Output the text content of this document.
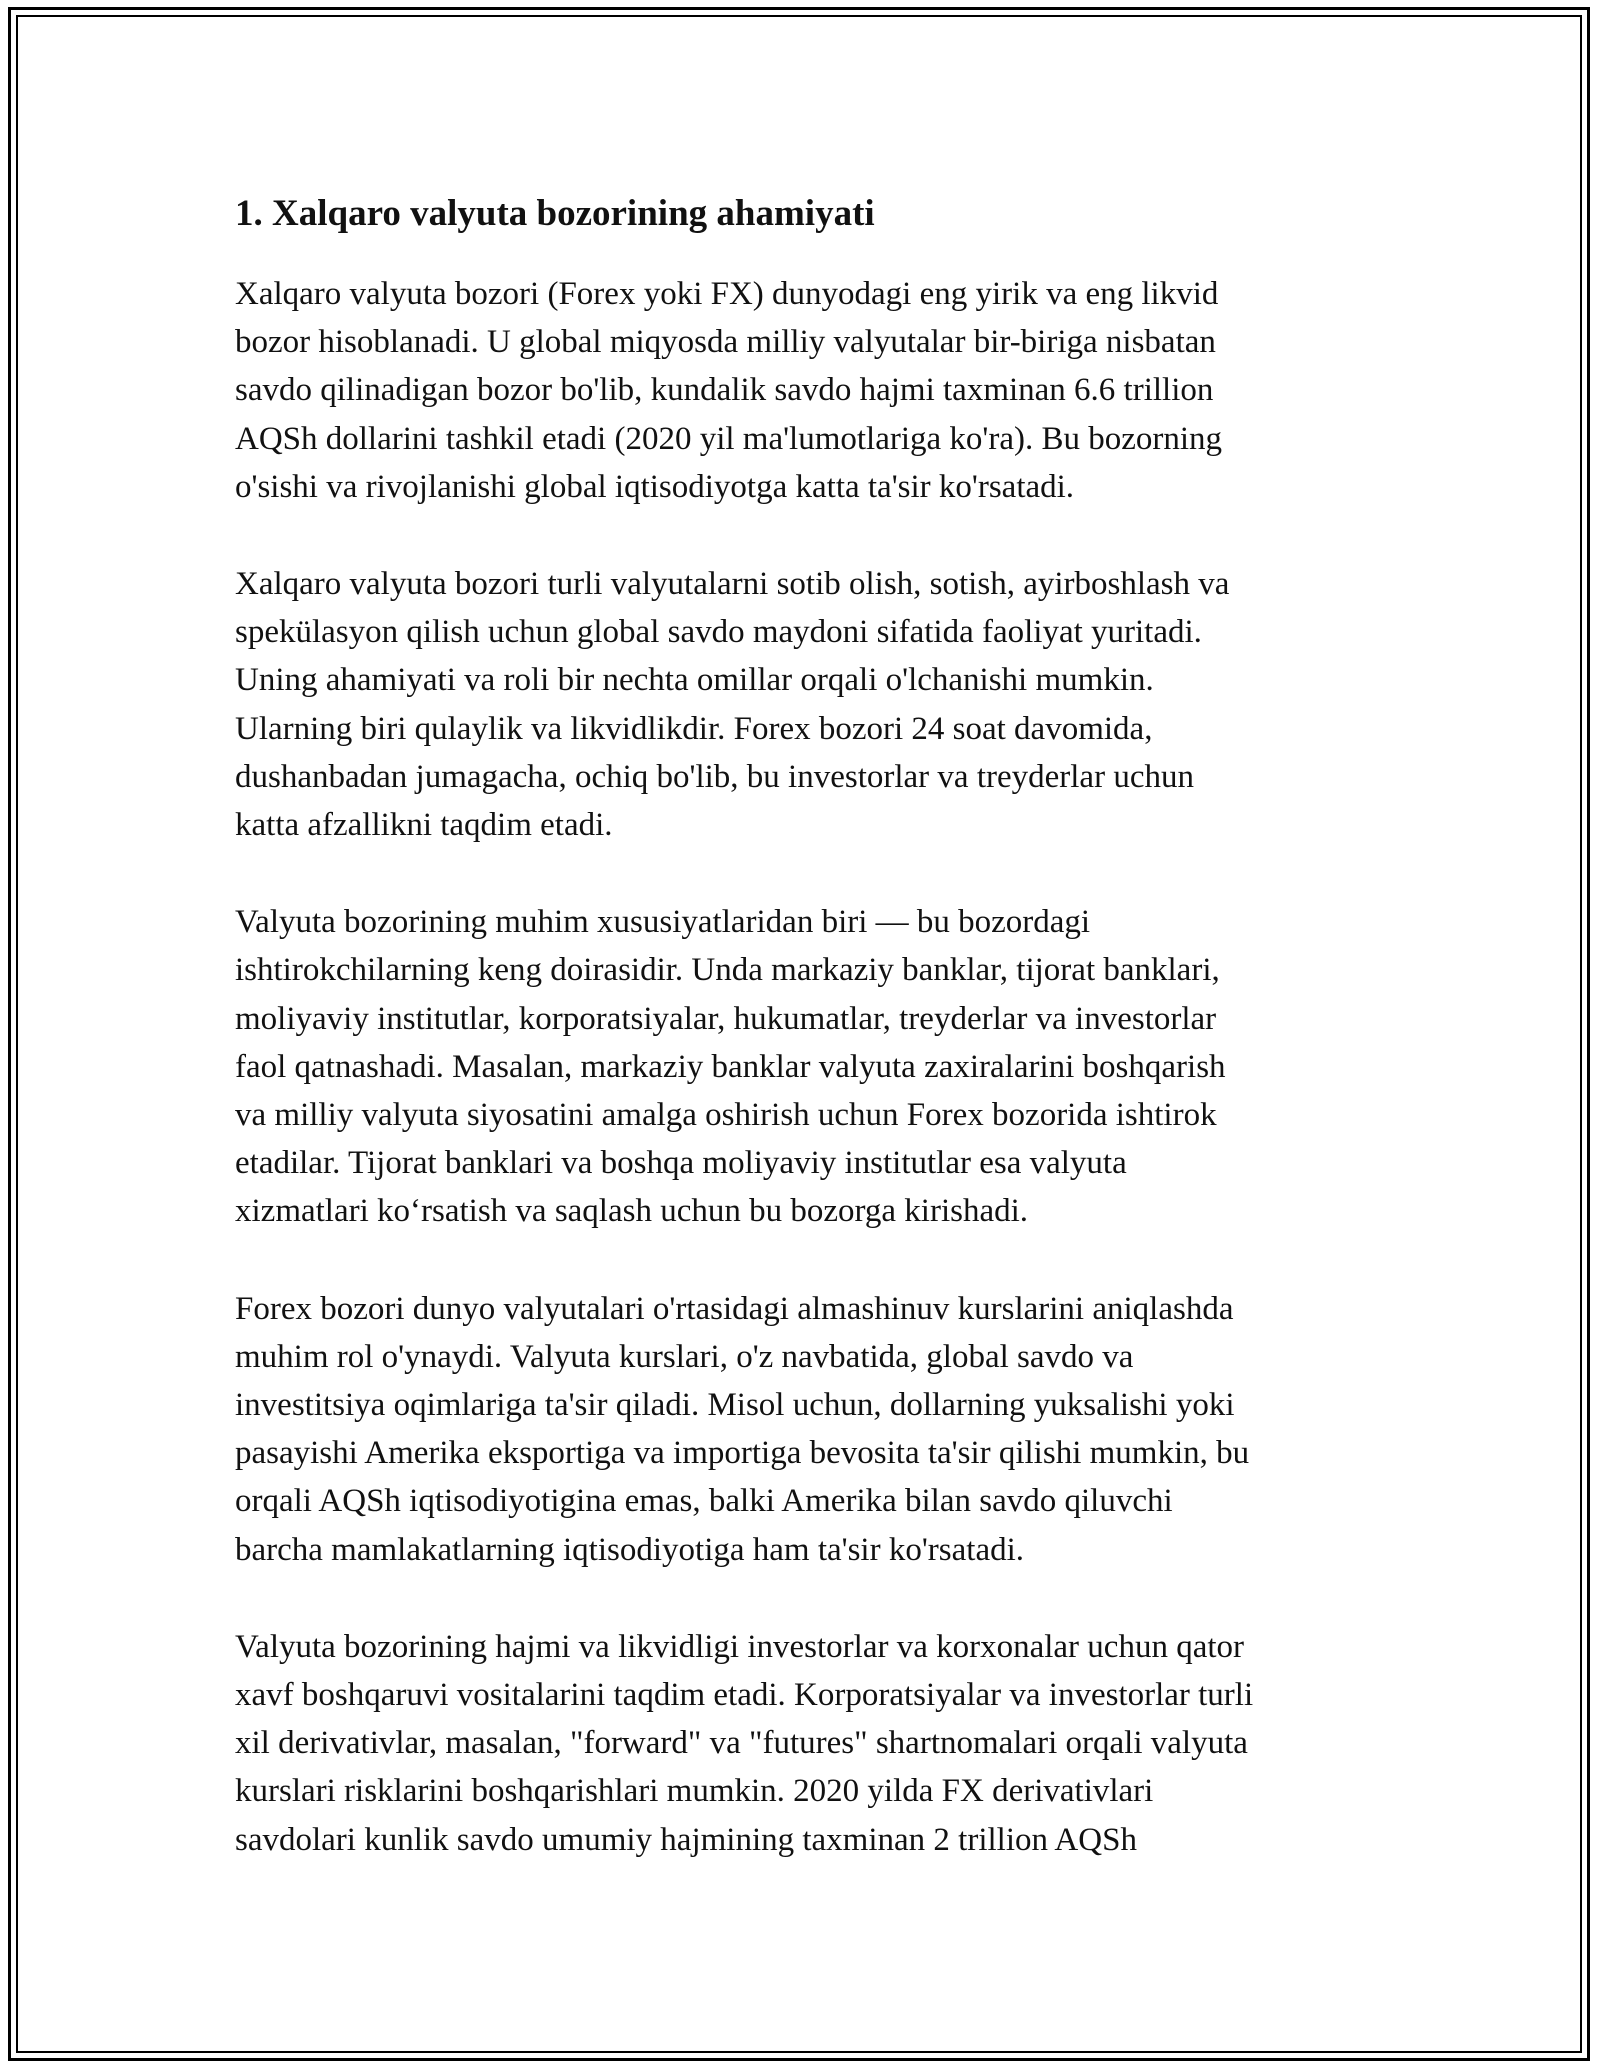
1. Xalqaro valyuta bozorining ahamiyati

Xalqaro valyuta bozori (Forex yoki FX) dunyodagi eng yirik va eng likvid
bozor hisoblanadi. U global miqyosda milliy valyutalar bir-biriga nisbatan
savdo qilinadigan bozor bo'lib, kundalik savdo hajmi taxminan 6.6 trillion
AQSh dollarini tashkil etadi (2020 yil ma'lumotlariga ko'ra). Bu bozorning
o'sishi va rivojlanishi global iqtisodiyotga katta ta'sir ko'rsatadi.

Xalqaro valyuta bozori turli valyutalarni sotib olish, sotish, ayirboshlash va
spekülasyon qilish uchun global savdo maydoni sifatida faoliyat yuritadi.
Uning ahamiyati va roli bir nechta omillar orqali o'lchanishi mumkin.
Ularning biri qulaylik va likvidlikdir. Forex bozori 24 soat davomida,
dushanbadan jumagacha, ochiq bo'lib, bu investorlar va treyderlar uchun
katta afzallikni taqdim etadi.

Valyuta bozorining muhim xususiyatlaridan biri — bu bozordagi
ishtirokchilarning keng doirasidir. Unda markaziy banklar, tijorat banklari,
moliyaviy institutlar, korporatsiyalar, hukumatlar, treyderlar va investorlar
faol qatnashadi. Masalan, markaziy banklar valyuta zaxiralarini boshqarish
va milliy valyuta siyosatini amalga oshirish uchun Forex bozorida ishtirok
etadilar. Tijorat banklari va boshqa moliyaviy institutlar esa valyuta
xizmatlari ko‘rsatish va saqlash uchun bu bozorga kirishadi.

Forex bozori dunyo valyutalari o'rtasidagi almashinuv kurslarini aniqlashda
muhim rol o'ynaydi. Valyuta kurslari, o'z navbatida, global savdo va
investitsiya oqimlariga ta'sir qiladi. Misol uchun, dollarning yuksalishi yoki
pasayishi Amerika eksportiga va importiga bevosita ta'sir qilishi mumkin, bu
orqali AQSh iqtisodiyotigina emas, balki Amerika bilan savdo qiluvchi
barcha mamlakatlarning iqtisodiyotiga ham ta'sir ko'rsatadi.

Valyuta bozorining hajmi va likvidligi investorlar va korxonalar uchun qator
xavf boshqaruvi vositalarini taqdim etadi. Korporatsiyalar va investorlar turli
xil derivativlar, masalan, "forward" va "futures" shartnomalari orqali valyuta
kurslari risklarini boshqarishlari mumkin. 2020 yilda FX derivativlari
savdolari kunlik savdo umumiy hajmining taxminan 2 trillion AQSh
